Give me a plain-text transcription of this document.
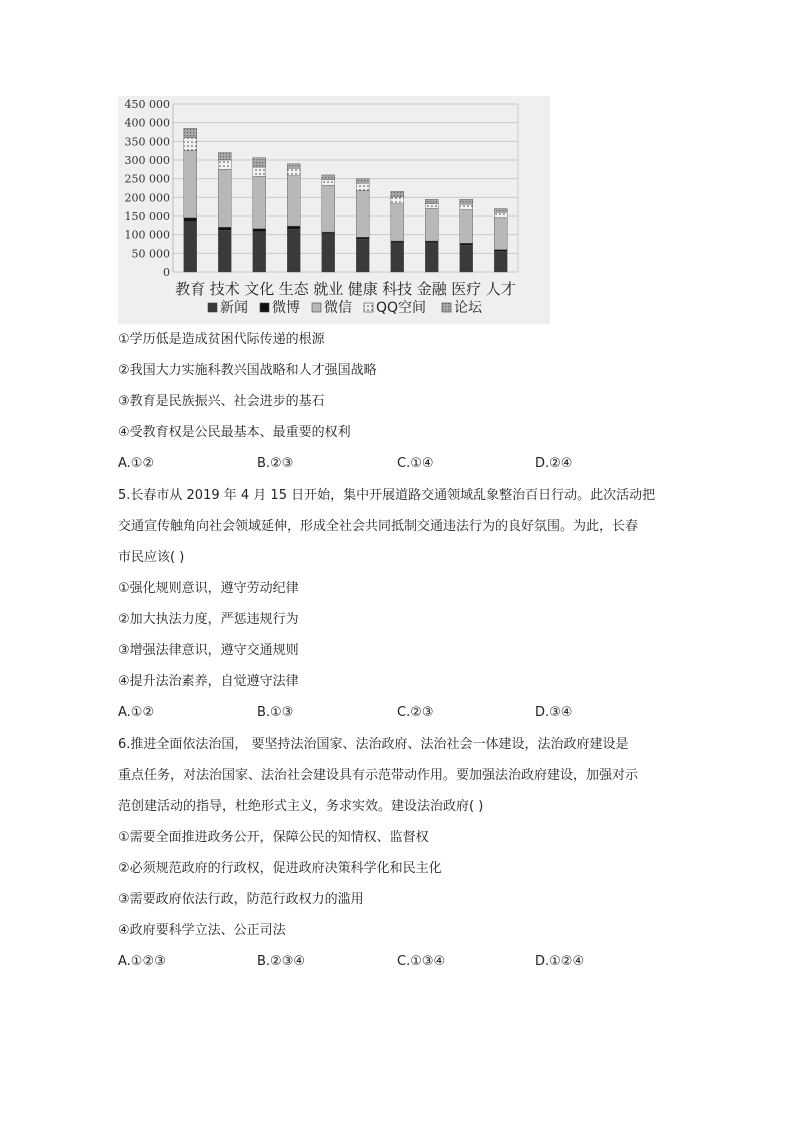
450 000
400 000
350 000
300 000
250 000
200 000
150 000
100 000
50 000
0
教育 技术 文化 生态 就业 健康 科技 金融 医疗 人才
新闻 微博 微信 QQ空间 论坛
①学历低是造成贫困代际传递的根源
②我国大力实施科教兴国战略和人才强国战略
③教育是民族振兴、社会进步的基石
④受教育权是公民最基本、最重要的权利
A.①②	B.②③	C.①④	D.②④
5.长春市从 2019 年 4 月 15 日开始，集中开展道路交通领域乱象整治百日行动。此次活动把
交通宣传触角向社会领域延伸，形成全社会共同抵制交通违法行为的良好氛围。为此，长春
市民应该( )
①强化规则意识，遵守劳动纪律
②加大执法力度，严惩违规行为
③增强法律意识，遵守交通规则
④提升法治素养，自觉遵守法律
A.①②	B.①③	C.②③	D.③④
6.推进全面依法治国， 要坚持法治国家、法治政府、法治社会一体建设，法治政府建设是
重点任务，对法治国家、法治社会建设具有示范带动作用。要加强法治政府建设，加强对示
范创建活动的指导，杜绝形式主义，务求实效。建设法治政府( )
①需要全面推进政务公开，保障公民的知情权、监督权
②必须规范政府的行政权，促进政府决策科学化和民主化
③需要政府依法行政，防范行政权力的滥用
④政府要科学立法、公正司法
A.①②③	B.②③④	C.①③④	D.①②④
